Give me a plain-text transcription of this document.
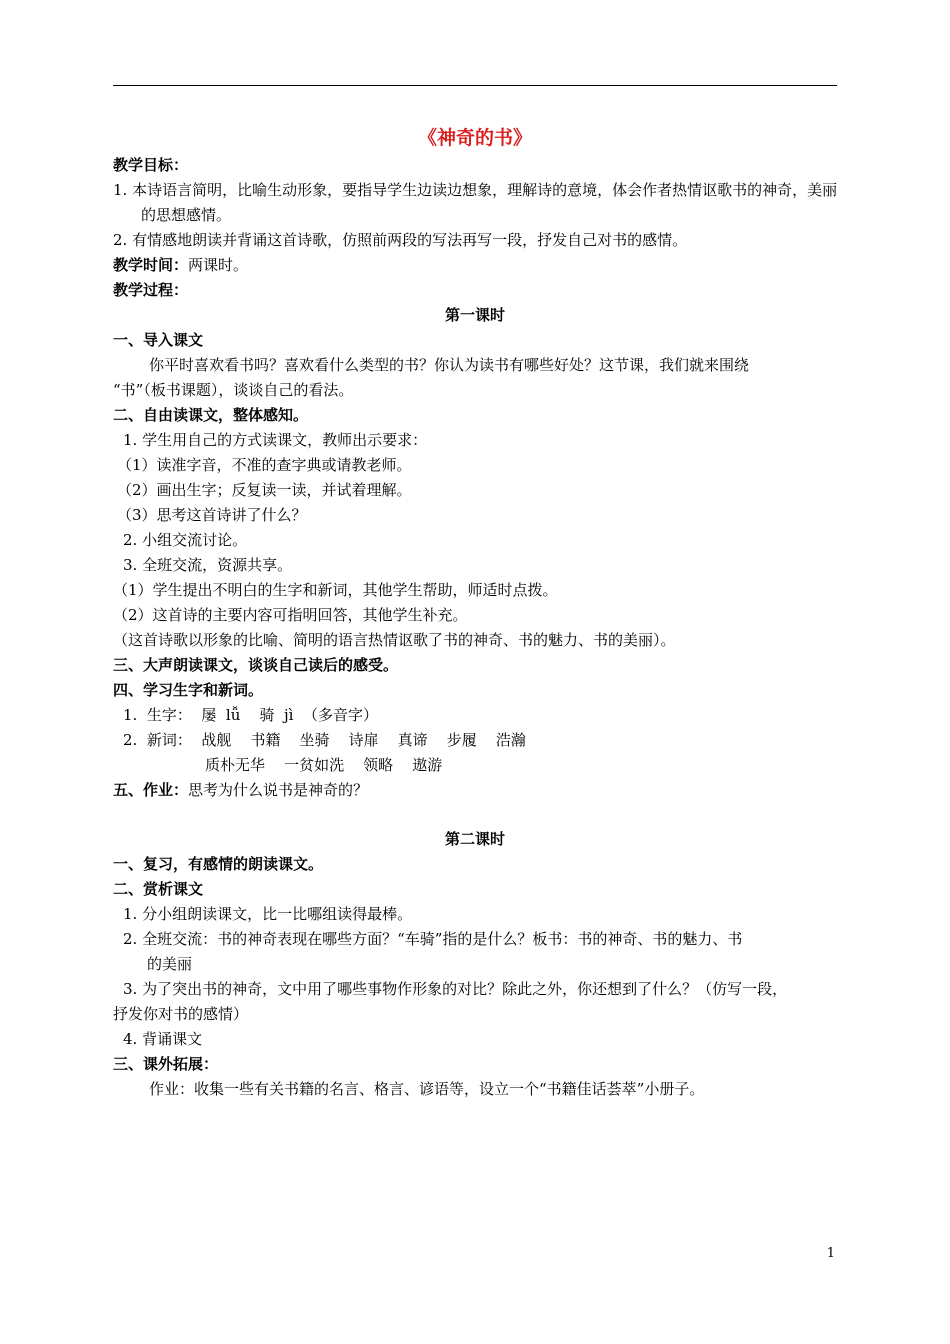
《神奇的书》

教学目标：

1. 本诗语言简明，比喻生动形象，要指导学生边读边想象，理解诗的意境，体会作者热情讴歌书的神奇，美丽的思想感情。

2. 有情感地朗读并背诵这首诗歌，仿照前两段的写法再写一段，抒发自己对书的感情。

教学时间：两课时。

教学过程：

第一课时

一、导入课文

你平时喜欢看书吗？喜欢看什么类型的书？你认为读书有哪些好处？这节课，我们就来围绕

“书”（板书课题），谈谈自己的看法。

二、自由读课文，整体感知。

1. 学生用自己的方式读课文，教师出示要求：

（1）读准字音，不准的查字典或请教老师。

（2）画出生字；反复读一读，并试着理解。

（3）思考这首诗讲了什么？

2. 小组交流讨论。

3. 全班交流，资源共享。

（1）学生提出不明白的生字和新词，其他学生帮助，师适时点拨。

（2）这首诗的主要内容可指明回答，其他学生补充。

（这首诗歌以形象的比喻、简明的语言热情讴歌了书的神奇、书的魅力、书的美丽）。

三、大声朗读课文，谈谈自己读后的感受。

四、学习生字和新词。

1.  生字：  屡  lǚ    骑  jì  （多音字）

2.  新词：  战舰    书籍    坐骑    诗扉    真谛    步履    浩瀚

质朴无华    一贫如洗    领略    遨游

五、作业：思考为什么说书是神奇的？

第二课时

一、复习，有感情的朗读课文。

二、赏析课文

1. 分小组朗读课文，比一比哪组读得最棒。

2. 全班交流：书的神奇表现在哪些方面？“车骑”指的是什么？板书：书的神奇、书的魅力、书

的美丽

3. 为了突出书的神奇，文中用了哪些事物作形象的对比？除此之外，你还想到了什么？（仿写一段，

抒发你对书的感情）

4. 背诵课文

三、课外拓展：

作业：收集一些有关书籍的名言、格言、谚语等，设立一个“书籍佳话荟萃”小册子。

1
